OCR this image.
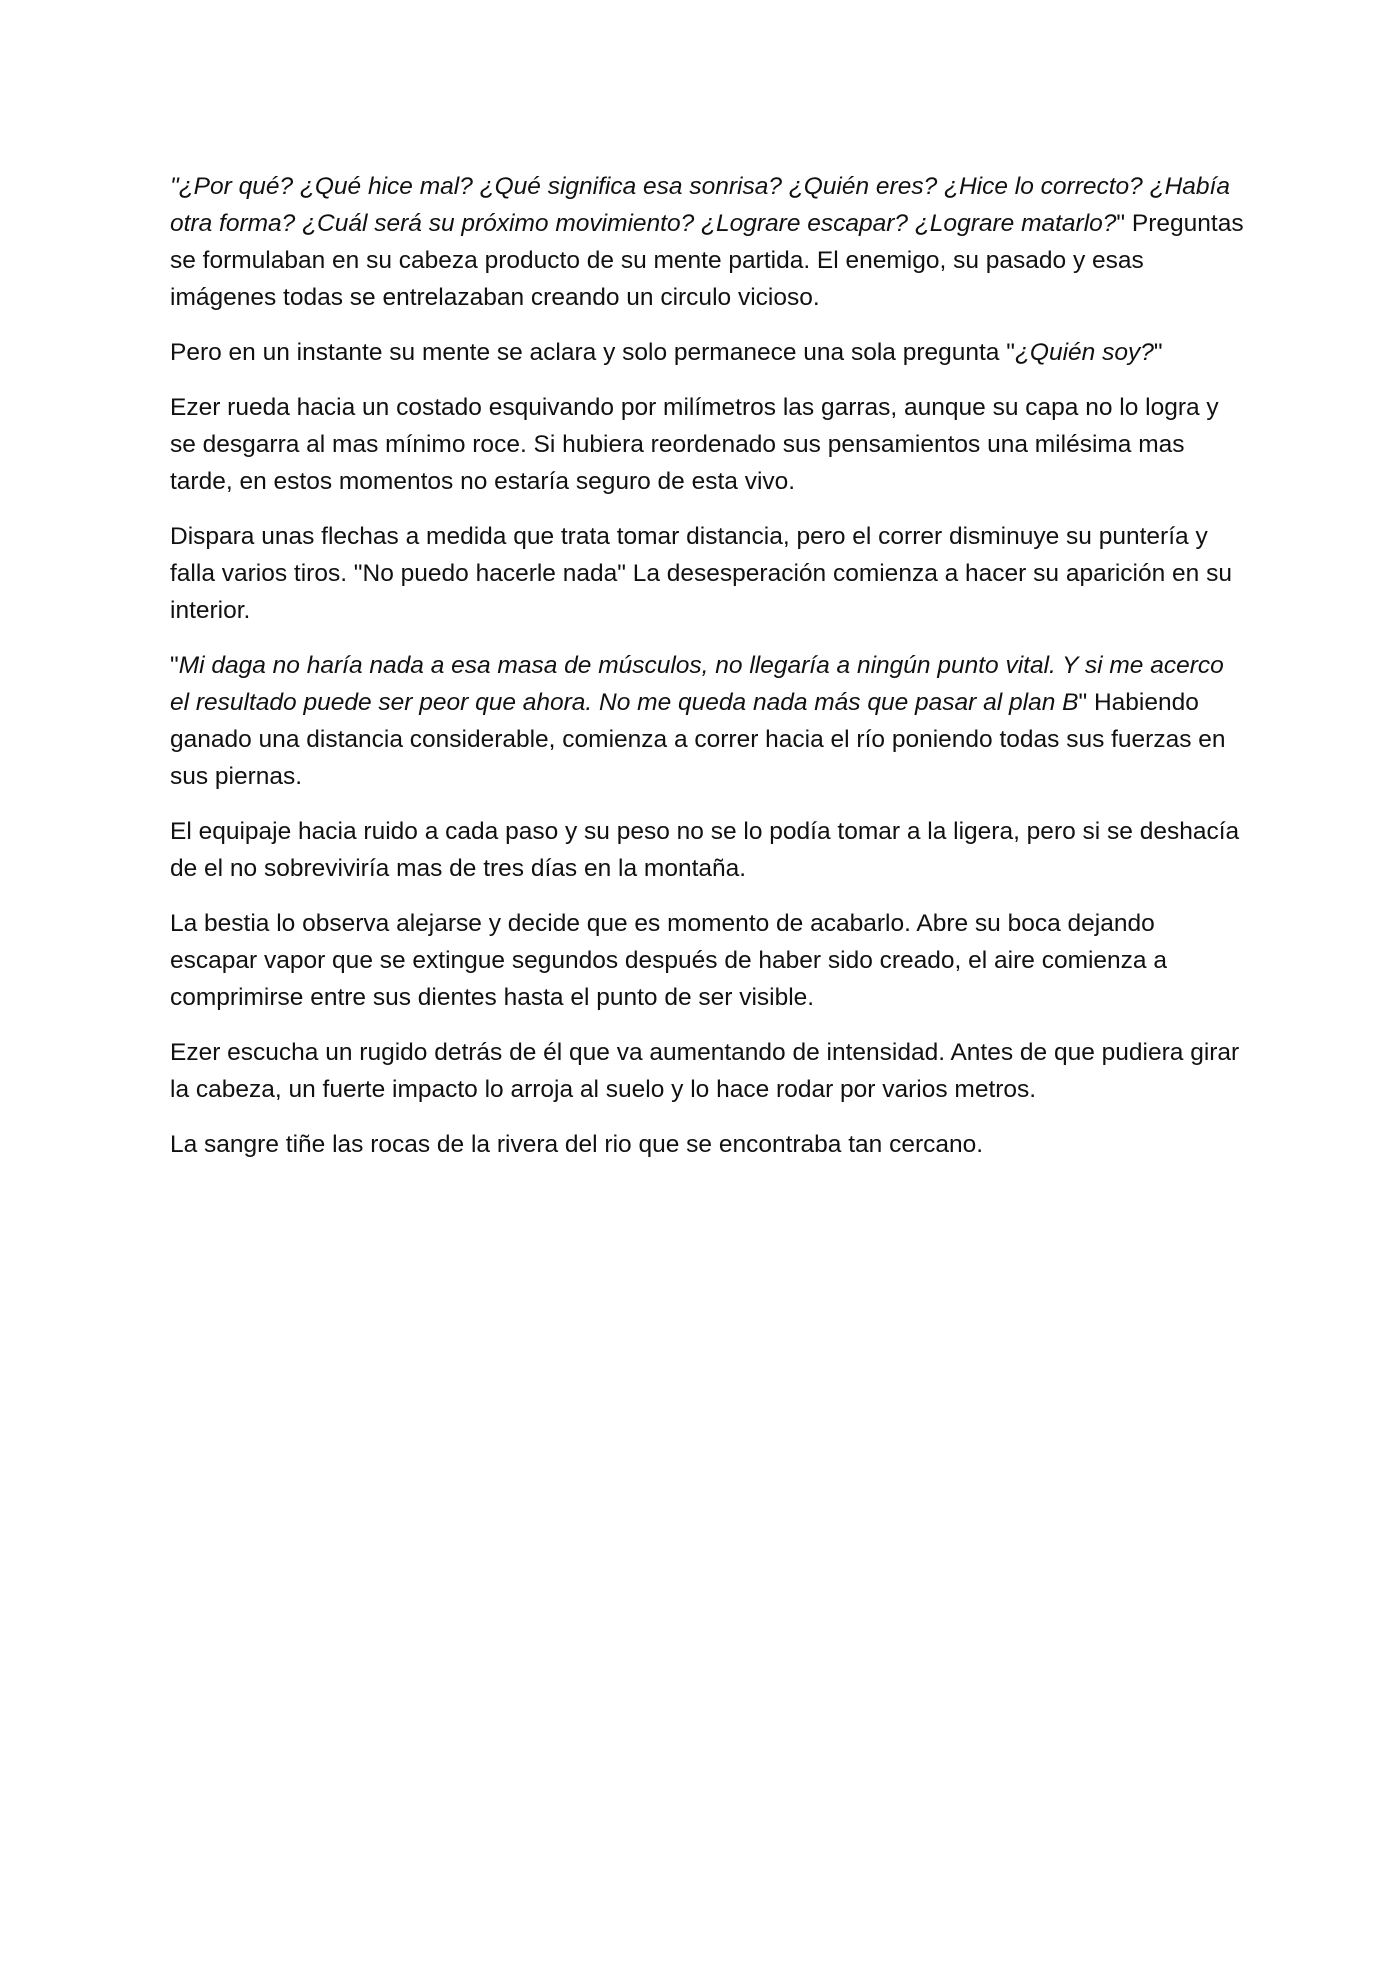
"¿Por qué? ¿Qué hice mal? ¿Qué significa esa sonrisa? ¿Quién eres? ¿Hice lo correcto? ¿Había otra forma? ¿Cuál será su próximo movimiento? ¿Lograre escapar? ¿Lograre matarlo?" Preguntas se formulaban en su cabeza producto de su mente partida. El enemigo, su pasado y esas imágenes todas se entrelazaban creando un circulo vicioso.

Pero en un instante su mente se aclara y solo permanece una sola pregunta "¿Quién soy?"

Ezer rueda hacia un costado esquivando por milímetros las garras, aunque su capa no lo logra y se desgarra al mas mínimo roce. Si hubiera reordenado sus pensamientos una milésima mas tarde, en estos momentos no estaría seguro de esta vivo.

Dispara unas flechas a medida que trata tomar distancia, pero el correr disminuye su puntería y falla varios tiros. "No puedo hacerle nada" La desesperación comienza a hacer su aparición en su interior.

"Mi daga no haría nada a esa masa de músculos, no llegaría a ningún punto vital. Y si me acerco el resultado puede ser peor que ahora. No me queda nada más que pasar al plan B" Habiendo ganado una distancia considerable, comienza a correr hacia el río poniendo todas sus fuerzas en sus piernas.

El equipaje hacia ruido a cada paso y su peso no se lo podía tomar a la ligera, pero si se deshacía de el no sobreviviría mas de tres días en la montaña.

La bestia lo observa alejarse y decide que es momento de acabarlo. Abre su boca dejando escapar vapor que se extingue segundos después de haber sido creado, el aire comienza a comprimirse entre sus dientes hasta el punto de ser visible.

Ezer escucha un rugido detrás de él que va aumentando de intensidad. Antes de que pudiera girar la cabeza, un fuerte impacto lo arroja al suelo y lo hace rodar por varios metros.

La sangre tiñe las rocas de la rivera del rio que se encontraba tan cercano.
